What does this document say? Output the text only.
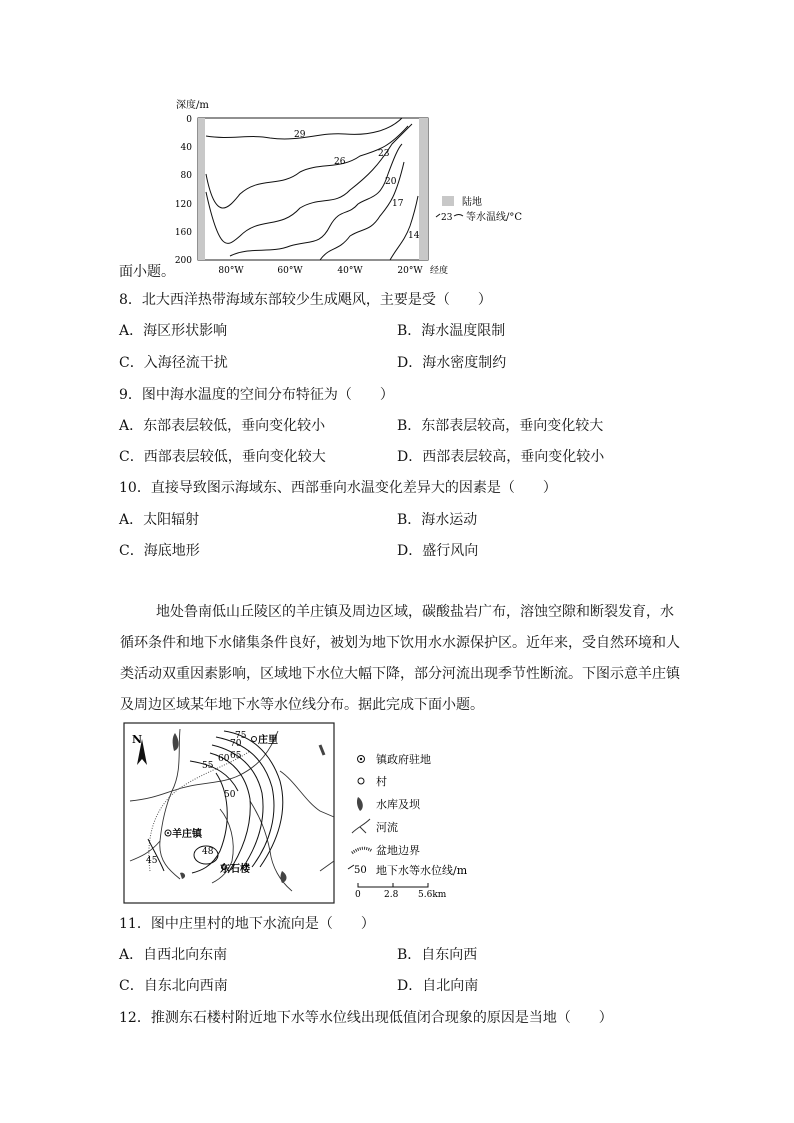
深度/m
0
40
80
120
160
200
80°W	60°W	40°W	20°W 经度
29
26
23
20
17
14
陆地
23 等水温线/°C
面小题。
8．北大西洋热带海域东部较少生成飓风，主要是受（　　）
A．海区形状影响	B．海水温度限制
C．入海径流干扰	D．海水密度制约
9．图中海水温度的空间分布特征为（　　）
A．东部表层较低，垂向变化较小	B．东部表层较高，垂向变化较大
C．西部表层较低，垂向变化较大	D．西部表层较高，垂向变化较小
10．直接导致图示海域东、西部垂向水温变化差异大的因素是（　　）
A．太阳辐射	B．海水运动
C．海底地形	D．盛行风向
地处鲁南低山丘陵区的羊庄镇及周边区域，碳酸盐岩广布，溶蚀空隙和断裂发育，水循环条件和地下水储集条件良好，被划为地下饮用水水源保护区。近年来，受自然环境和人类活动双重因素影响，区域地下水位大幅下降，部分河流出现季节性断流。下图示意羊庄镇及周边区域某年地下水等水位线分布。据此完成下面小题。
N	75
70
65
60
55
50
48
45
庄里
羊庄镇
东石楼
镇政府驻地
村
水库及坝
河流
盆地边界
50 地下水等水位线/m
0	2.8 5.6km
11．图中庄里村的地下水流向是（　　）
A．自西北向东南	B．自东向西
C．自东北向西南	D．自北向南
12．推测东石楼村附近地下水等水位线出现低值闭合现象的原因是当地（　　）
